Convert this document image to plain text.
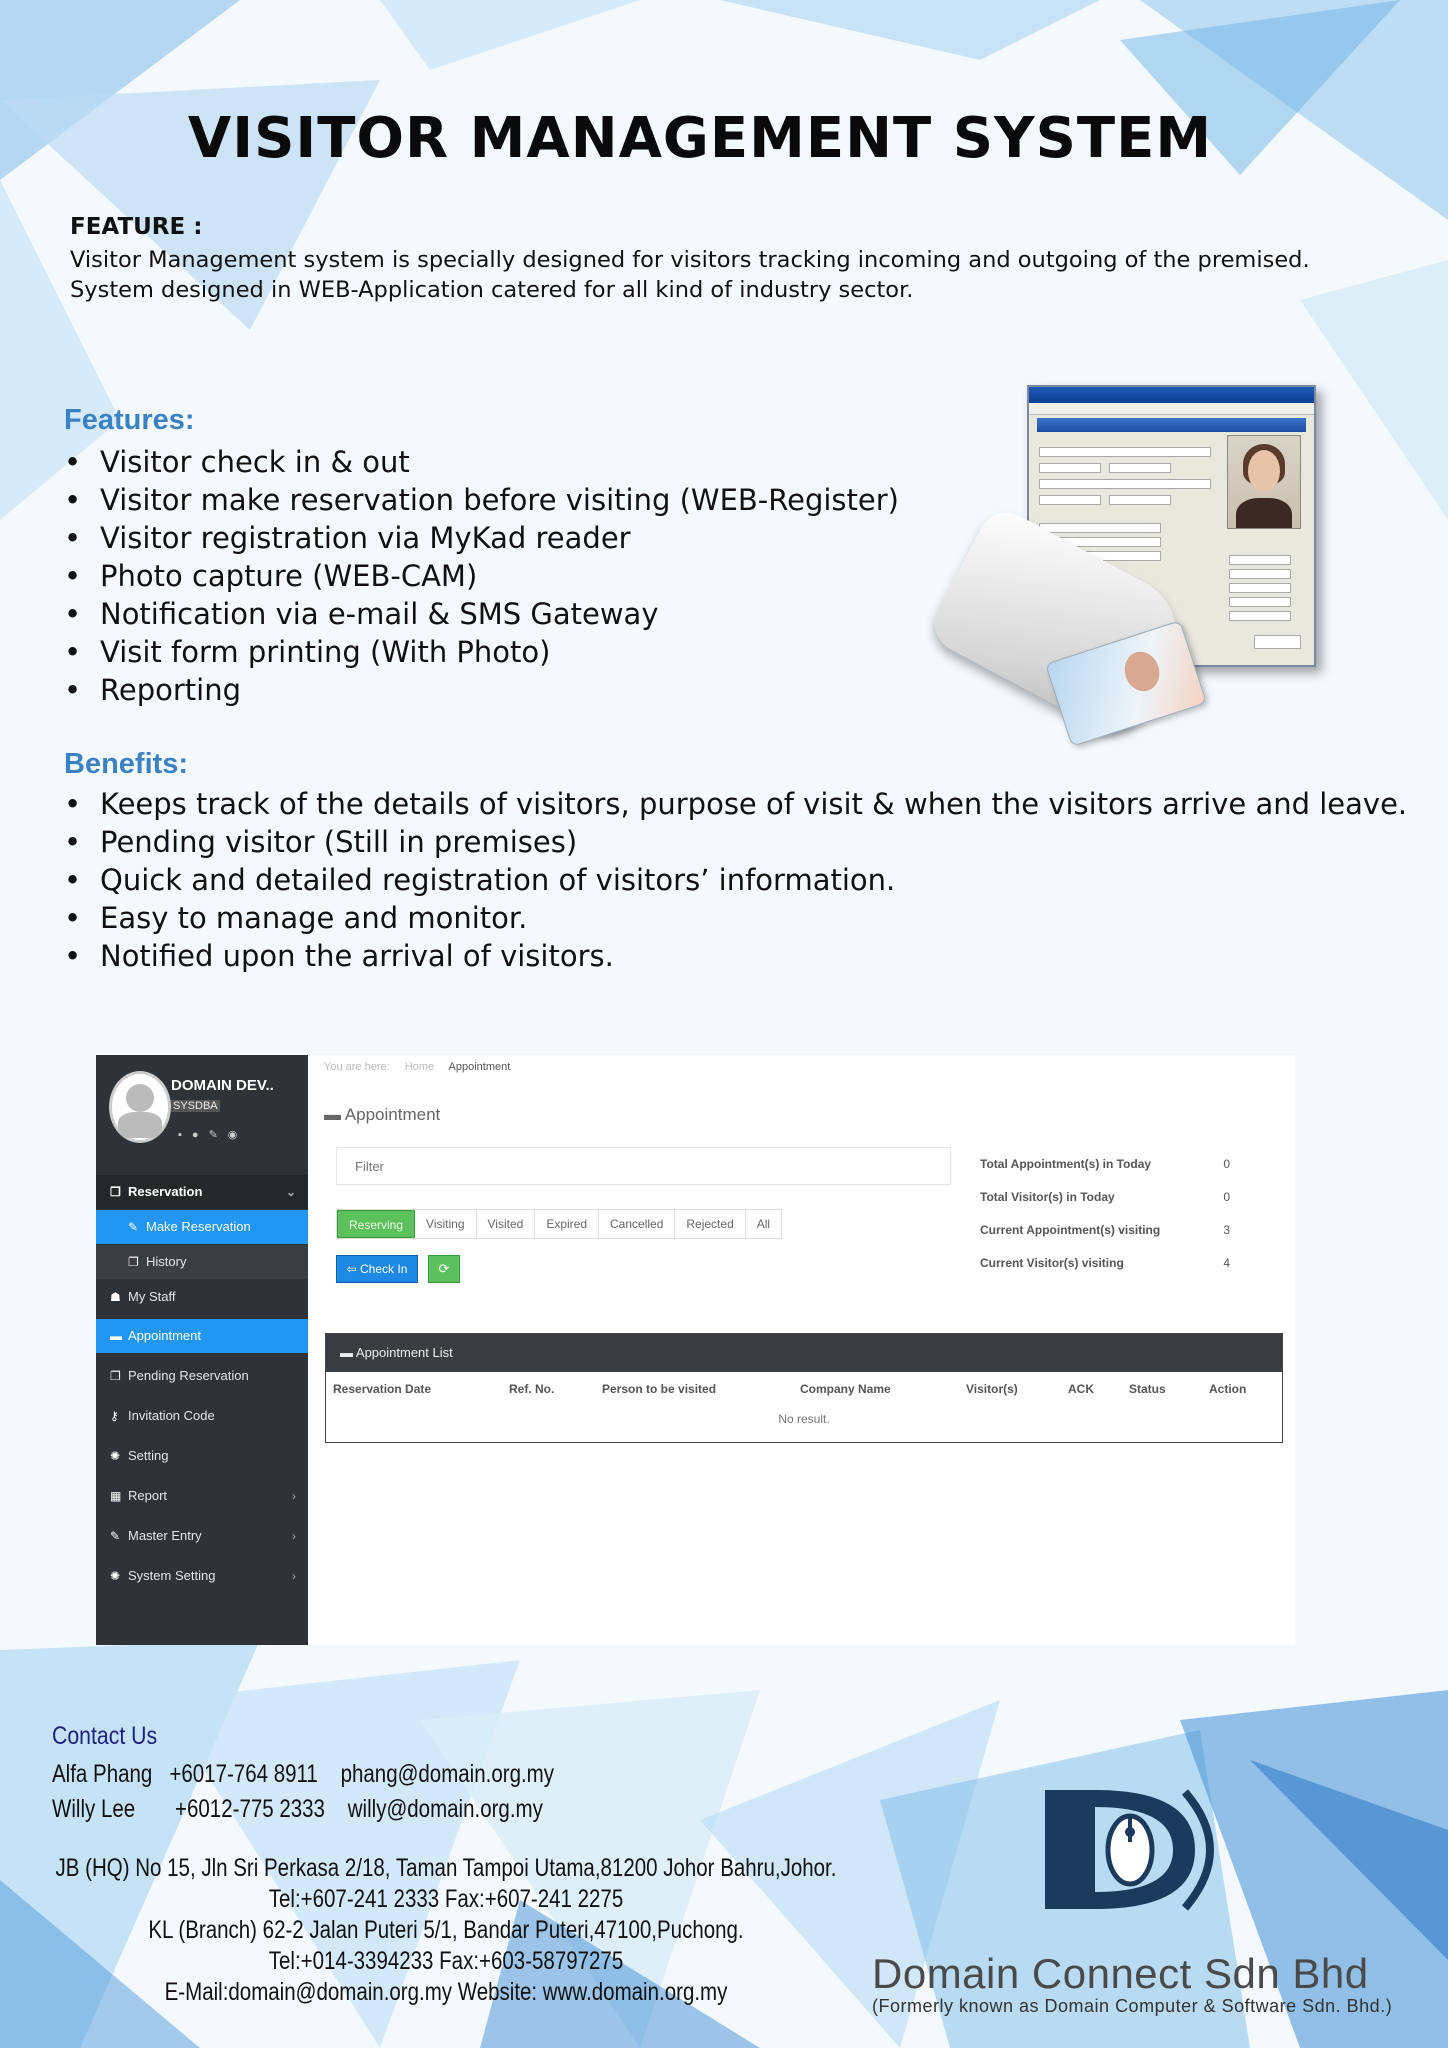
VISITOR MANAGEMENT SYSTEM
FEATURE :
Visitor Management system is specially designed for visitors tracking incoming and outgoing of the premised.
System designed in WEB-Application catered for all kind of industry sector.
Features:
• Visitor check in & out
• Visitor make reservation before visiting (WEB-Register)
• Visitor registration via MyKad reader
• Photo capture (WEB-CAM)
• Notification via e-mail & SMS Gateway
• Visit form printing (With Photo)
• Reporting
Benefits:
• Keeps track of the details of visitors, purpose of visit & when the visitors arrive and leave.
• Pending visitor (Still in premises)
• Quick and detailed registration of visitors’ information.
• Easy to manage and monitor.
• Notified upon the arrival of visitors.
DOMAIN DEV..
SYSDBA
▪●✎◉
❐ Reservation	⌄
✎ Make Reservation
❐ History
☗ My Staff
▬ Appointment
❐ Pending Reservation
⚷ Invitation Code
✺ Setting
▦ Report	›
✎ Master Entry	›
✺ System Setting	›
You are here: Home Appointment
▬ Appointment
Filter
Reserving	Visiting	Visited	Expired	Cancelled	Rejected	All
⇦ Check In	⟳
Total Appointment(s) in Today	0
Total Visitor(s) in Today	0
Current Appointment(s) visiting	3
Current Visitor(s) visiting	4
▬ Appointment List
Reservation Date	Ref. No.	Person to be visited	Company Name	Visitor(s)	ACK	Status	Action
No result.
Contact Us
Alfa Phang +6017-764 8911 phang@domain.org.my
Willy Lee +6012-775 2333 willy@domain.org.my
JB (HQ) No 15, Jln Sri Perkasa 2/18, Taman Tampoi Utama,81200 Johor Bahru,Johor.
Tel:+607-241 2333 Fax:+607-241 2275
KL (Branch) 62-2 Jalan Puteri 5/1, Bandar Puteri,47100,Puchong.
Tel:+014-3394233 Fax:+603-58797275
E-Mail:domain@domain.org.my Website: www.domain.org.my	Domain Connect Sdn Bhd
(Formerly known as Domain Computer & Software Sdn. Bhd.)
